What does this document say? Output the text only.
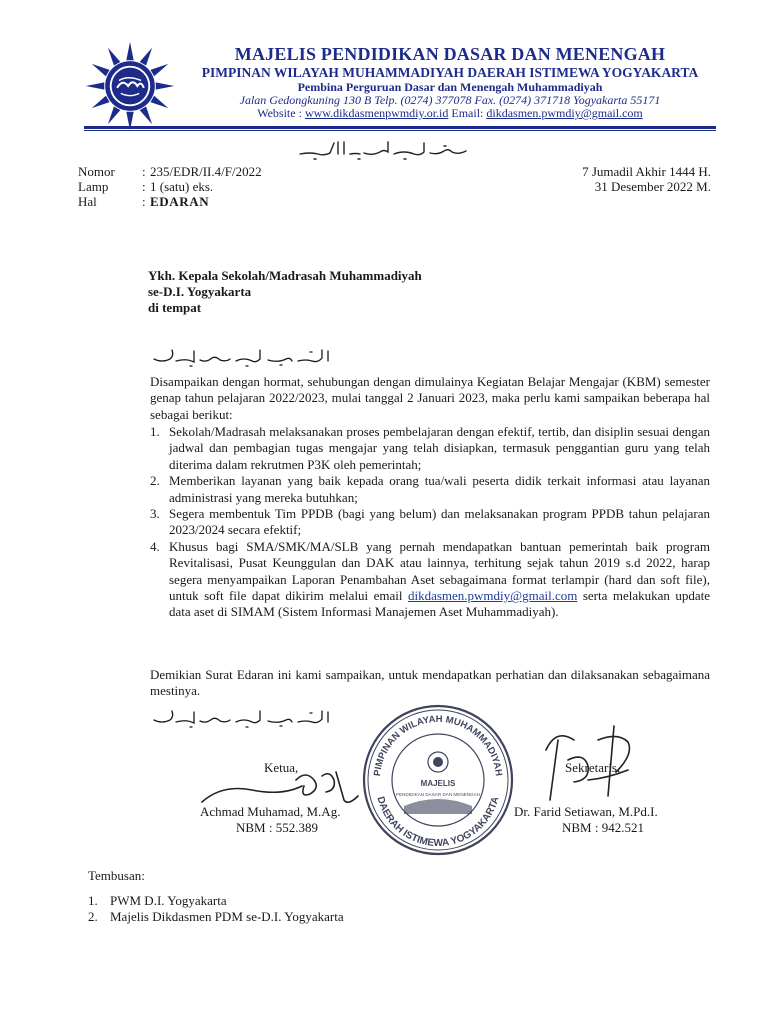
MAJELIS PENDIDIKAN DASAR DAN MENENGAH
PIMPINAN WILAYAH MUHAMMADIYAH DAERAH ISTIMEWA YOGYAKARTA
Pembina Perguruan Dasar dan Menengah Muhammadiyah
Jalan Gedongkuning 130 B Telp. (0274) 377078 Fax. (0274) 371718 Yogyakarta 55171
Website : www.dikdasmenpwmdiy.or.id Email: dikdasmen.pwmdiy@gmail.com
Nomor : 235/EDR/II.4/F/2022
Lamp	: 1 (satu) eks.
Hal	: EDARAN
7 Jumadil Akhir 1444 H.
31 Desember 2022 M.
Ykh. Kepala Sekolah/Madrasah Muhammadiyah
se-D.I. Yogyakarta
di tempat
Disampaikan dengan hormat, sehubungan dengan dimulainya Kegiatan Belajar Mengajar (KBM) semester genap tahun pelajaran 2022/2023, mulai tanggal 2 Januari 2023, maka perlu kami sampaikan beberapa hal sebagai berikut:
1. Sekolah/Madrasah melaksanakan proses pembelajaran dengan efektif, tertib, dan disiplin sesuai dengan jadwal dan pembagian tugas mengajar yang telah disiapkan, termasuk penggantian guru yang telah diterima dalam rekrutmen P3K oleh pemerintah;
2. Memberikan layanan yang baik kepada orang tua/wali peserta didik terkait informasi atau layanan administrasi yang mereka butuhkan;
3. Segera membentuk Tim PPDB (bagi yang belum) dan melaksanakan program PPDB tahun pelajaran 2023/2024 secara efektif;
4. Khusus bagi SMA/SMK/MA/SLB yang pernah mendapatkan bantuan pemerintah baik program Revitalisasi, Pusat Keunggulan dan DAK atau lainnya, terhitung sejak tahun 2019 s.d 2022, harap segera menyampaikan Laporan Penambahan Aset sebagaimana format terlampir (hard dan soft file), untuk soft file dapat dikirim melalui email dikdasmen.pwmdiy@gmail.com serta melakukan update data aset di SIMAM (Sistem Informasi Manajemen Aset Muhammadiyah).
Demikian Surat Edaran ini kami sampaikan, untuk mendapatkan perhatian dan dilaksanakan sebagaimana mestinya.
Ketua,	Sekretaris,
Achmad Muhamad, M.Ag.
NBM : 552.389
Dr. Farid Setiawan, M.Pd.I.
NBM : 942.521
PIMPINAN WILAYAH MUHAMMADIYAH
DAERAH ISTIMEWA YOGYAKARTA
MAJELIS
PENDIDIKAN DASAR DAN MENENGAH
Tembusan:
1. PWM D.I. Yogyakarta
2. Majelis Dikdasmen PDM se-D.I. Yogyakarta
